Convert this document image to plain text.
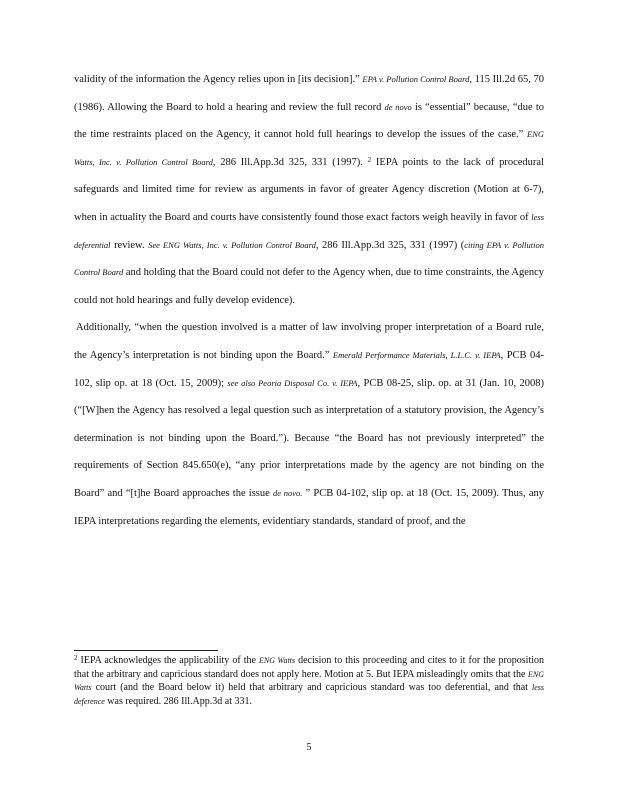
validity of the information the Agency relies upon in [its decision].” EPA v. Pollution Control Board, 115 Ill.2d 65, 70 (1986). Allowing the Board to hold a hearing and review the full record de novo is “essential” because, “due to the time restraints placed on the Agency, it cannot hold full hearings to develop the issues of the case.” ENG Watts, Inc. v. Pollution Control Board, 286 Ill.App.3d 325, 331 (1997). $^2$ IEPA points to the lack of procedural safeguards and limited time for review as arguments in favor of greater Agency discretion (Motion at 6-7), when in actuality the Board and courts have consistently found those exact factors weigh heavily in favor of less deferential review. See ENG Watts, Inc. v. Pollution Control Board, 286 Ill.App.3d 325, 331 (1997) (citing EPA v. Pollution Control Board and holding that the Board could not defer to the Agency when, due to time constraints, the Agency could not hold hearings and fully develop evidence).

Additionally, “when the question involved is a matter of law involving proper interpretation of a Board rule, the Agency’s interpretation is not binding upon the Board.” Emerald Performance Materials, L.L.C. v. IEPA, PCB 04-102, slip op. at 18 (Oct. 15, 2009); see also Peoria Disposal Co. v. IEPA, PCB 08-25, slip. op. at 31 (Jan. 10, 2008) (“[W]hen the Agency has resolved a legal question such as interpretation of a statutory provision, the Agency’s determination is not binding upon the Board.”). Because “the Board has not previously interpreted” the requirements of Section 845.650(e), “any prior interpretations made by the agency are not binding on the Board” and “[t]he Board approaches the issue de novo. ” PCB 04-102, slip op. at 18 (Oct. 15, 2009). Thus, any IEPA interpretations regarding the elements, evidentiary standards, standard of proof, and the

$^2$ IEPA acknowledges the applicability of the ENG Watts decision to this proceeding and cites to it for the proposition that the arbitrary and capricious standard does not apply here. Motion at 5. But IEPA misleadingly omits that the ENG Watts court (and the Board below it) held that arbitrary and capricious standard was too deferential, and that less deference was required. 286 Ill.App.3d at 331.

5
